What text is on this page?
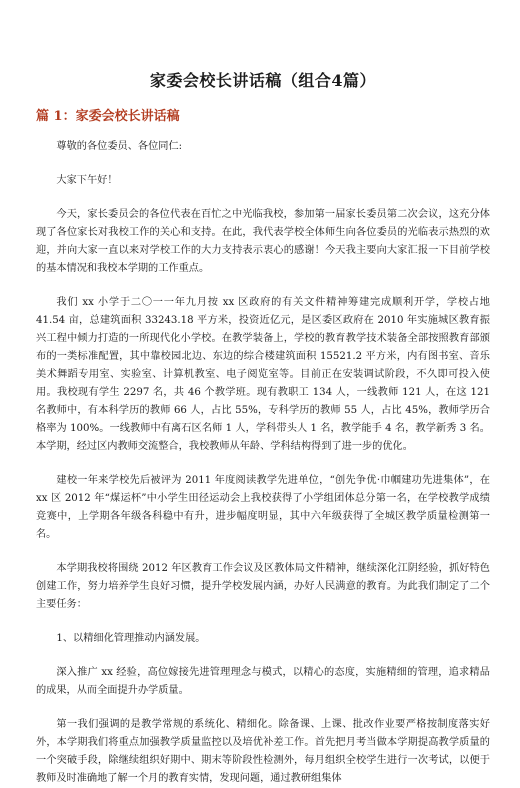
家委会校长讲话稿（组合4篇）
篇 1：家委会校长讲话稿

尊敬的各位委员、各位同仁:

大家下午好！

今天，家长委员会的各位代表在百忙之中光临我校，参加第一届家长委员第二次会议，这充分体现了各位家长对我校工作的关心和支持。在此，我代表学校全体师生向各位委员的光临表示热烈的欢迎，并向大家一直以来对学校工作的大力支持表示衷心的感谢！今天我主要向大家汇报一下目前学校的基本情况和我校本学期的工作重点。

我们 xx 小学于二〇一一年九月按 xx 区政府的有关文件精神筹建完成顺利开学，学校占地 41.54 亩，总建筑面积 33243.18 平方米，投资近亿元，是区委区政府在 2010 年实施城区教育振兴工程中倾力打造的一所现代化小学校。在教学装备上，学校的教育教学技术装备全部按照教育部颁布的一类标准配置，其中靠校园北边、东边的综合楼建筑面积 15521.2 平方米，内有图书室、音乐美术舞蹈专用室、实验室、计算机教室、电子阅览室等。目前正在安装调试阶段，不久即可投入使用。我校现有学生 2297 名，共 46 个教学班。现有教职工 134 人，一线教师 121 人，在这 121 名教师中，有本科学历的教师 66 人，占比 55%，专科学历的教师 55 人，占比 45%，教师学历合格率为 100%。一线教师中有离石区名师 1 人，学科带头人 1 名，教学能手 4 名，教学新秀 3 名。本学期，经过区内教师交流整合，我校教师从年龄、学科结构得到了进一步的优化。

建校一年来学校先后被评为 2011 年度阅读教学先进单位，“创先争优·巾帼建功先进集体”，在 xx 区 2012 年“煤运杯”中小学生田径运动会上我校获得了小学组团体总分第一名，在学校教学成绩竞赛中，上学期各年级各科稳中有升，进步幅度明显，其中六年级获得了全城区教学质量检测第一名。

本学期我校将围绕 2012 年区教育工作会议及区教体局文件精神，继续深化江阴经验，抓好特色创建工作，努力培养学生良好习惯，提升学校发展内涵，办好人民满意的教育。为此我们制定了二个主要任务：

1、以精细化管理推动内涵发展。

深入推广 xx 经验，高位嫁接先进管理理念与模式，以精心的态度，实施精细的管理，追求精品的成果，从而全面提升办学质量。

第一我们强调的是教学常规的系统化、精细化。除备课、上课、批改作业要严格按制度落实好外，本学期我们将重点加强教学质量监控以及培优补差工作。首先把月考当做本学期提高教学质量的一个突破手段，除继续组织好期中、期末等阶段性检测外，每月组织全校学生进行一次考试，以便于教师及时准确地了解一个月的教育实情，发现问题，通过教研组集体
